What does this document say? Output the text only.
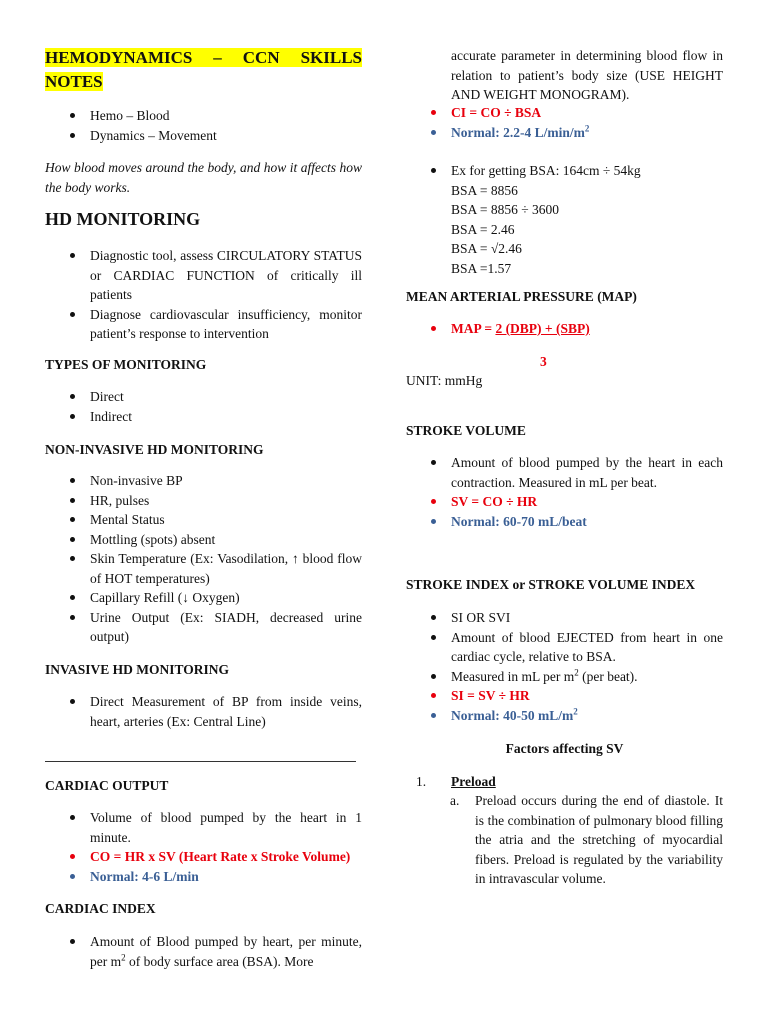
HEMODYNAMICS – CCN SKILLS NOTES
Hemo – Blood
Dynamics – Movement

How blood moves around the body, and how it affects how the body works.

HD MONITORING
Diagnostic tool, assess CIRCULATORY STATUS or CARDIAC FUNCTION of critically ill patients
Diagnose cardiovascular insufficiency, monitor patient’s response to intervention
TYPES OF MONITORING
Direct
Indirect
NON-INVASIVE HD MONITORING
Non-invasive BP
HR, pulses
Mental Status
Mottling (spots) absent
Skin Temperature (Ex: Vasodilation, ↑ blood flow of HOT temperatures)
Capillary Refill (↓ Oxygen)
Urine Output (Ex: SIADH, decreased urine output)
INVASIVE HD MONITORING
Direct Measurement of BP from inside veins, heart, arteries (Ex: Central Line)
CARDIAC OUTPUT
Volume of blood pumped by the heart in 1 minute.
CO = HR x SV (Heart Rate x Stroke Volume)
Normal: 4-6 L/min
CARDIAC INDEX
Amount of Blood pumped by heart, per minute, per $m^2$ of body surface area (BSA). More

accurate parameter in determining blood flow in relation to patient’s body size (USE HEIGHT AND WEIGHT MONOGRAM).

CI = CO ÷ BSA
Normal: 2.2-4 $L/\min/m^2$
Ex for getting BSA: 164cm ÷ 54kg
BSA = 8856
BSA = 8856 ÷ 3600
BSA = 2.46
BSA = √2.46
BSA =1.57
MEAN ARTERIAL PRESSURE (MAP)
MAP = 2 (DBP) + (SBP)
3
UNIT: mmHg
STROKE VOLUME
Amount of blood pumped by the heart in each contraction. Measured in mL per beat.
SV = CO ÷ HR
Normal: 60-70 mL/beat
STROKE INDEX or STROKE VOLUME INDEX
SI OR SVI
Amount of blood EJECTED from heart in one cardiac cycle, relative to BSA.
Measured in mL per $m^2$ (per beat).
SI = SV ÷ HR
Normal: 40-50 $mL/m^2$
Factors affecting SV
1. Preload
a. Preload occurs during the end of diastole. It is the combination of pulmonary blood filling the atria and the stretching of myocardial fibers. Preload is regulated by the variability in intravascular volume.
